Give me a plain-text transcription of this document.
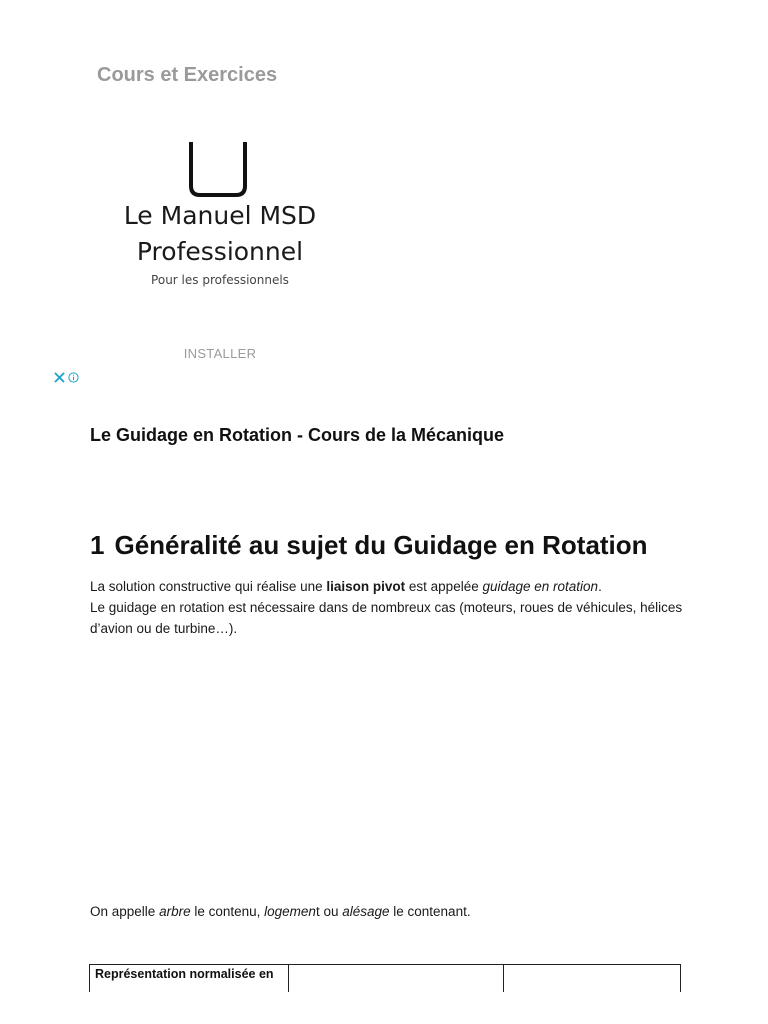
Cours et Exercices
Le Manuel MSD Professionnel
Pour les professionnels
INSTALLER
Le Guidage en Rotation - Cours de la Mécanique
1 Généralité au sujet du Guidage en Rotation

La solution constructive qui réalise une liaison pivot est appelée guidage en rotation.
Le guidage en rotation est nécessaire dans de nombreux cas (moteurs, roues de véhicules, hélices d’avion ou de turbine…).

On appelle arbre le contenu, logement ou alésage le contenant.

Représentation normalisée en		
